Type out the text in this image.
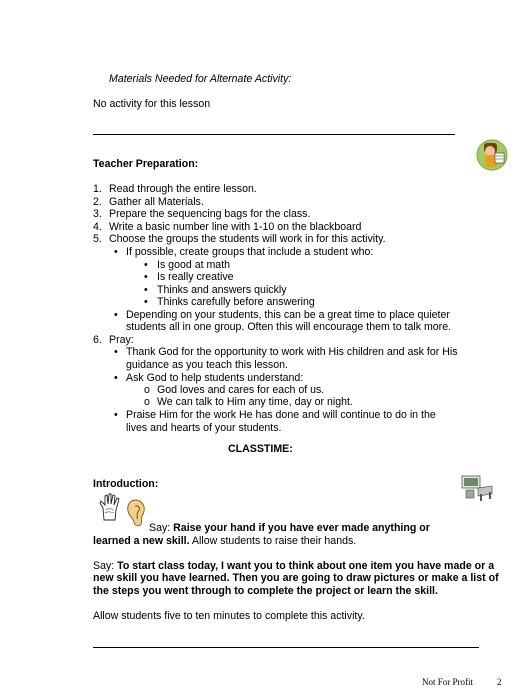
Materials Needed for Alternate Activity:
No activity for this lesson
Teacher Preparation:
1. Read through the entire lesson.
2. Gather all Materials.
3. Prepare the sequencing bags for the class.
4. Write a basic number line with 1-10 on the blackboard
5. Choose the groups the students will work in for this activity.
• If possible, create groups that include a student who:
• Is good at math
• Is really creative
• Thinks and answers quickly
• Thinks carefully before answering
• Depending on your students, this can be a great time to place quieter
students all in one group. Often this will encourage them to talk more.
6. Pray:
• Thank God for the opportunity to work with His children and ask for His
guidance as you teach this lesson.
• Ask God to help students understand:
o God loves and cares for each of us.
o We can talk to Him any time, day or night.
• Praise Him for the work He has done and will continue to do in the
lives and hearts of your students.
CLASSTIME:
Introduction:
Say: Raise your hand if you have ever made anything or
learned a new skill. Allow students to raise their hands.
Say: To start class today, I want you to think about one item you have made or a
new skill you have learned. Then you are going to draw pictures or make a list of
the steps you went through to complete the project or learn the skill.
Allow students five to ten minutes to complete this activity.
Not For Profit	2
